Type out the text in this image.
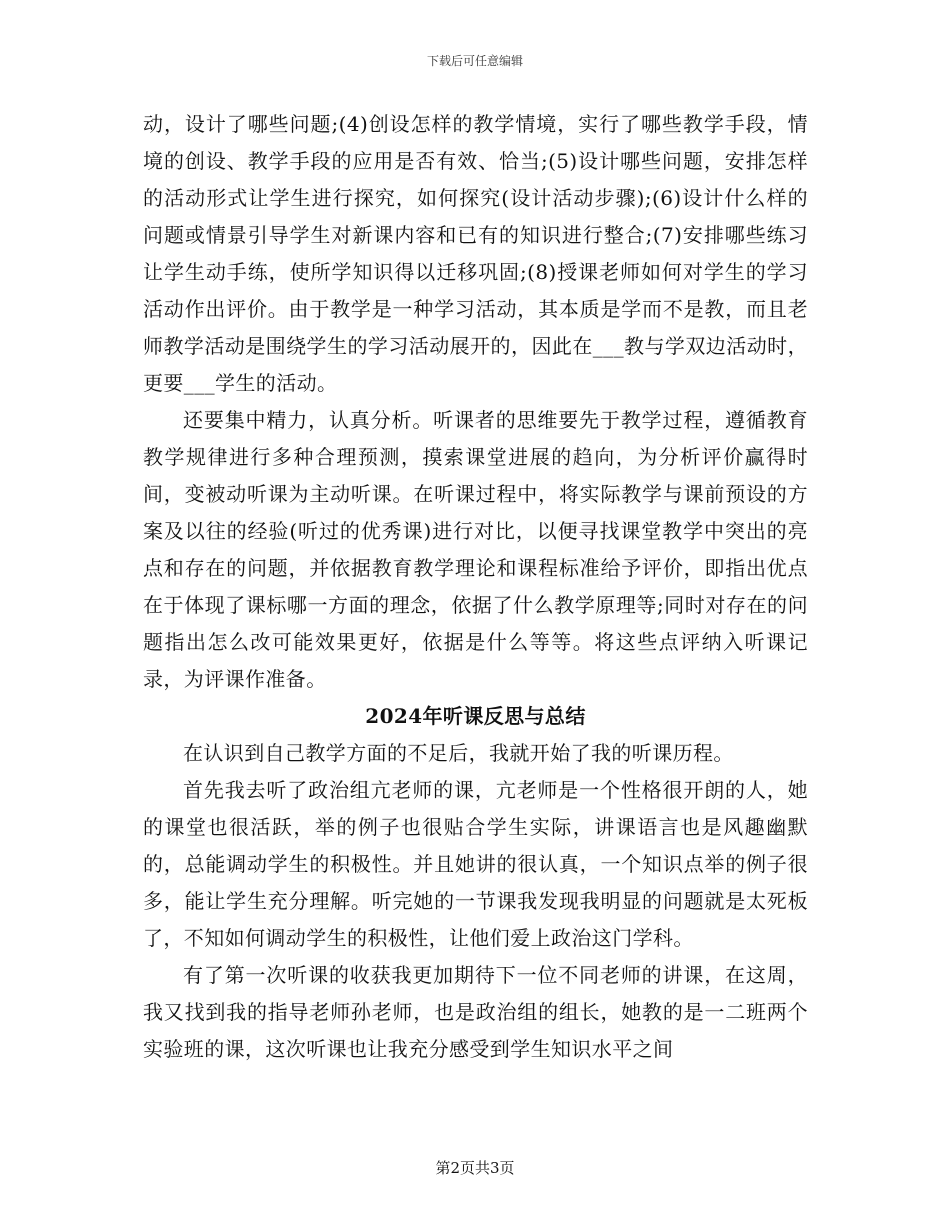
下载后可任意编辑

动，设计了哪些问题;(4)创设怎样的教学情境，实行了哪些教学手段，情境的创设、教学手段的应用是否有效、恰当;(5)设计哪些问题，安排怎样的活动形式让学生进行探究，如何探究(设计活动步骤);(6)设计什么样的问题或情景引导学生对新课内容和已有的知识进行整合;(7)安排哪些练习让学生动手练，使所学知识得以迁移巩固;(8)授课老师如何对学生的学习活动作出评价。由于教学是一种学习活动，其本质是学而不是教，而且老师教学活动是围绕学生的学习活动展开的，因此在___教与学双边活动时，更要___学生的活动。

还要集中精力，认真分析。听课者的思维要先于教学过程，遵循教育教学规律进行多种合理预测，摸索课堂进展的趋向，为分析评价赢得时间，变被动听课为主动听课。在听课过程中，将实际教学与课前预设的方案及以往的经验(听过的优秀课)进行对比，以便寻找课堂教学中突出的亮点和存在的问题，并依据教育教学理论和课程标准给予评价，即指出优点在于体现了课标哪一方面的理念，依据了什么教学原理等;同时对存在的问题指出怎么改可能效果更好，依据是什么等等。将这些点评纳入听课记录，为评课作准备。

2024年听课反思与总结

在认识到自己教学方面的不足后，我就开始了我的听课历程。

首先我去听了政治组亢老师的课，亢老师是一个性格很开朗的人，她的课堂也很活跃，举的例子也很贴合学生实际，讲课语言也是风趣幽默的，总能调动学生的积极性。并且她讲的很认真，一个知识点举的例子很多，能让学生充分理解。听完她的一节课我发现我明显的问题就是太死板了，不知如何调动学生的积极性，让他们爱上政治这门学科。

有了第一次听课的收获我更加期待下一位不同老师的讲课，在这周，我又找到我的指导老师孙老师，也是政治组的组长，她教的是一二班两个实验班的课，这次听课也让我充分感受到学生知识水平之间

第2页共3页
